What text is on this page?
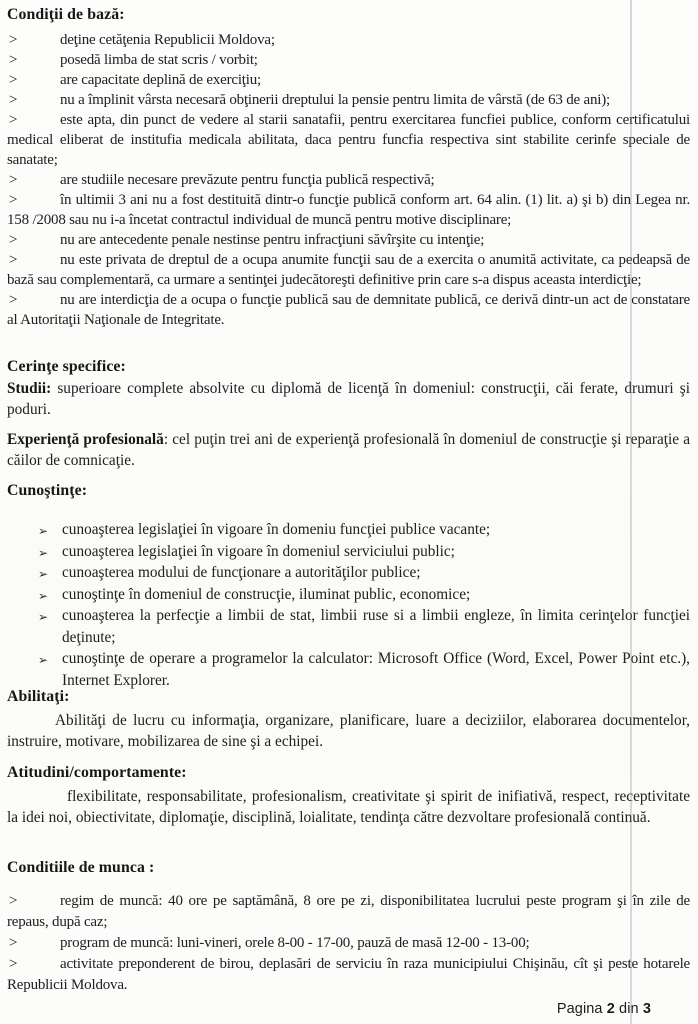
Condiţii de bază:
>	deţine cetăţenia Republicii Moldova;
>	posedă limba de stat scris / vorbit;
>	are capacitate deplină de exerciţiu;
>	nu a împlinit vârsta necesară obţinerii dreptului la pensie pentru limita de vârstă (de 63 de ani);
>	este apta, din punct de vedere al starii sanatafii, pentru exercitarea funcfiei publice, conform certificatului medical eliberat de institufia medicala abilitata, daca pentru funcfia respectiva sint stabilite cerinfe speciale de sanatate;
>	are studiile necesare prevăzute pentru funcţia publică respectivă;
>	în ultimii 3 ani nu a fost destituită dintr-o funcţie publică conform art. 64 alin. (1) lit. a) şi b) din Legea nr. 158 /2008 sau nu i-a încetat contractul individual de muncă pentru motive disciplinare;
>	nu are antecedente penale nestinse pentru infracţiuni săvîrşite cu intenţie;
>	nu este privata de dreptul de a ocupa anumite funcţii sau de a exercita o anumită activitate, ca pedeapsă de bază sau complementară, ca urmare a sentinţei judecătoreşti definitive prin care s-a dispus aceasta interdicţie;
>	nu are interdicţia de a ocupa o funcţie publică sau de demnitate publică, ce derivă dintr-un act de constatare al Autoritaţii Naţionale de Integritate.
Cerinţe specifice:
Studii: superioare complete absolvite cu diplomă de licenţă în domeniul: construcţii, căi ferate, drumuri şi poduri.
Experienţă profesională: cel puţin trei ani de experienţă profesională în domeniul de construcţie şi reparaţie a căilor de comnicaţie.
Cunoştinţe:
➢ cunoaşterea legislaţiei în vigoare în domeniu funcţiei publice vacante;
➢ cunoaşterea legislaţiei în vigoare în domeniul serviciului public;
➢ cunoaşterea modului de funcţionare a autorităţilor publice;
➢ cunoştinţe în domeniul de construcţie, iluminat public, economice;
➢ cunoaşterea la perfecţie a limbii de stat, limbii ruse si a limbii engleze, în limita cerinţelor funcţiei deţinute;
➢ cunoştinţe de operare a programelor la calculator: Microsoft Office (Word, Excel, Power Point etc.), Internet Explorer.
Abilitaţi:
Abilităţi de lucru cu informaţia, organizare, planificare, luare a deciziilor, elaborarea documentelor, instruire, motivare, mobilizarea de sine şi a echipei.
Atitudini/comportamente:
flexibilitate, responsabilitate, profesionalism, creativitate şi spirit de inifiativă, respect, receptivitate la idei noi, obiectivitate, diplomaţie, disciplină, loialitate, tendinţa către dezvoltare profesională continuă.
Conditiile de munca :
>	regim de muncă: 40 ore pe saptămână, 8 ore pe zi, disponibilitatea lucrului peste program şi în zile de repaus, după caz;
>	program de muncă: luni-vineri, orele 8-00 - 17-00, pauză de masă 12-00 - 13-00;
>	activitate preponderent de birou, deplasări de serviciu în raza municipiului Chişinău, cît şi peste hotarele Republicii Moldova.
Pagina 2 din 3
